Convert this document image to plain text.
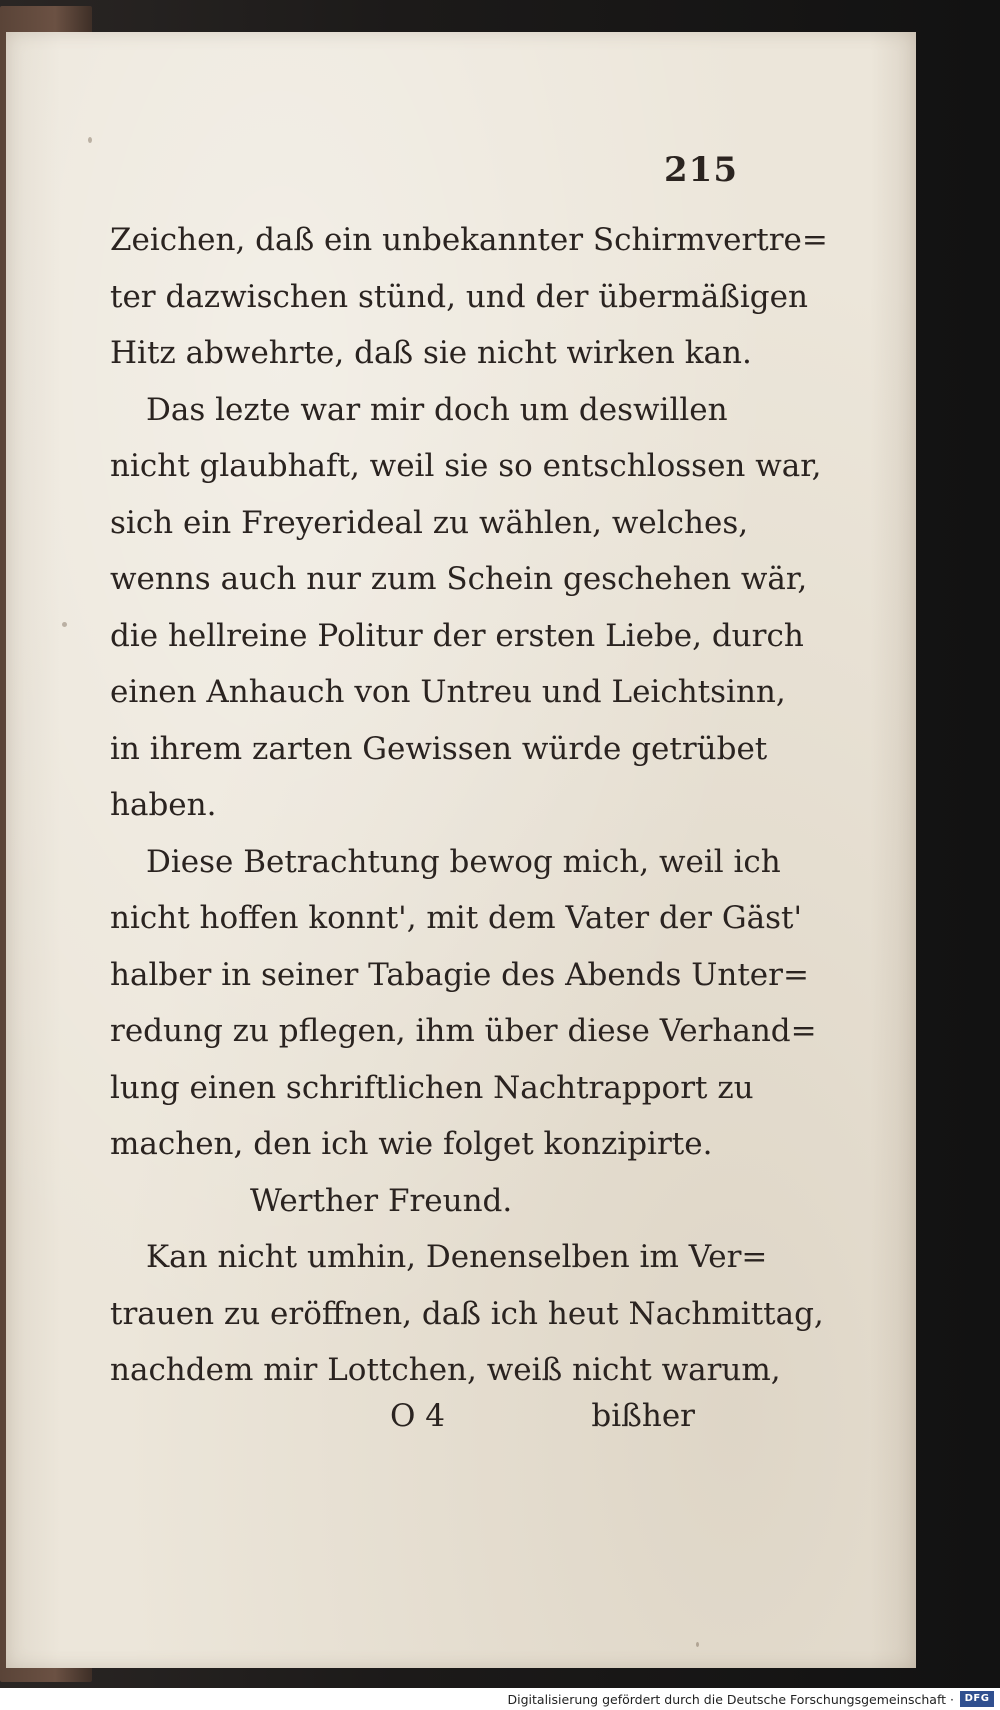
215
Zeichen, daß ein unbekannter Schirmvertre=
ter dazwischen stünd, und der übermäßigen
Hitz abwehrte, daß sie nicht wirken kan.
Das lezte war mir doch um deswillen
nicht glaubhaft, weil sie so entschlossen war,
sich ein Freyerideal zu wählen, welches,
wenns auch nur zum Schein geschehen wär,
die hellreine Politur der ersten Liebe, durch
einen Anhauch von Untreu und Leichtsinn,
in ihrem zarten Gewissen würde getrübet
haben.
Diese Betrachtung bewog mich, weil ich
nicht hoffen konnt', mit dem Vater der Gäst'
halber in seiner Tabagie des Abends Unter=
redung zu pflegen, ihm über diese Verhand=
lung einen schriftlichen Nachtrapport zu
machen, den ich wie folget konzipirte.
Werther Freund.
Kan nicht umhin, Denenselben im Ver=
trauen zu eröffnen, daß ich heut Nachmittag,
nachdem mir Lottchen, weiß nicht warum,
O 4	bißher
Digitalisierung gefördert durch die Deutsche Forschungsgemeinschaft ·	DFG
